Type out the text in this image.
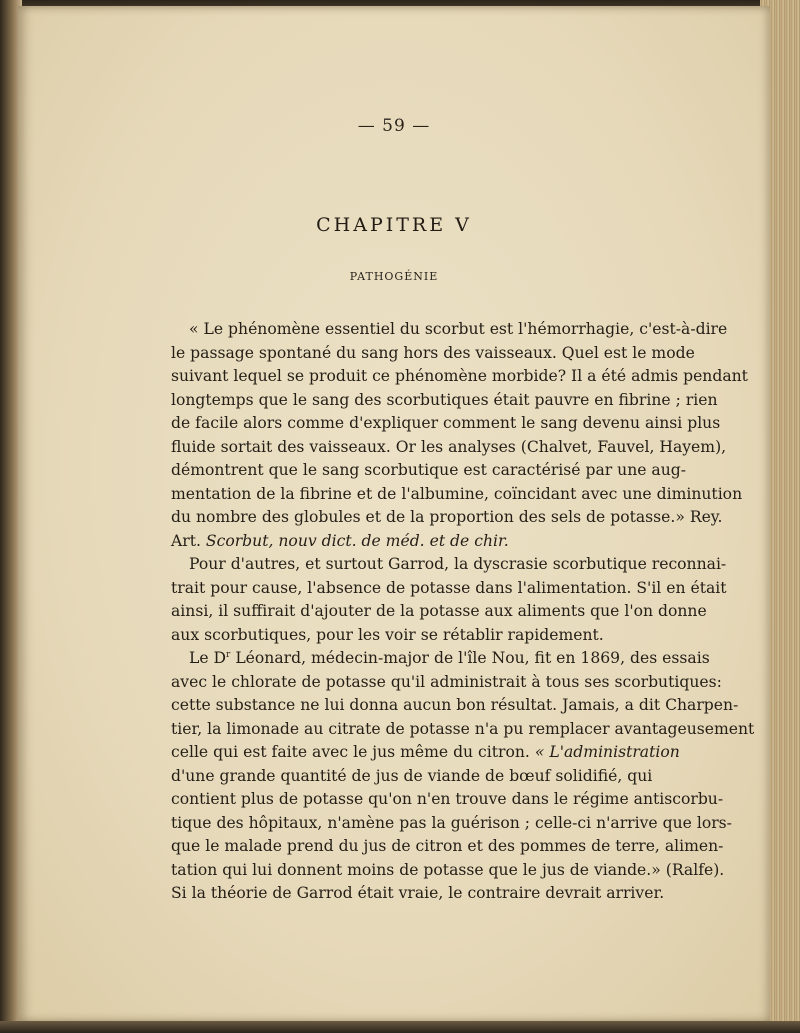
— 59 —
CHAPITRE V
PATHOGÉNIE
« Le phénomène essentiel du scorbut est l'hémorrhagie, c'est-à-dire
le passage spontané du sang hors des vaisseaux. Quel est le mode
suivant lequel se produit ce phénomène morbide? Il a été admis pendant
longtemps que le sang des scorbutiques était pauvre en fibrine ; rien
de facile alors comme d'expliquer comment le sang devenu ainsi plus
fluide sortait des vaisseaux. Or les analyses (Chalvet, Fauvel, Hayem),
démontrent que le sang scorbutique est caractérisé par une aug-
mentation de la fibrine et de l'albumine, coïncidant avec une diminution
du nombre des globules et de la proportion des sels de potasse.» Rey.
Art. Scorbut, nouv dict. de méd. et de chir.
Pour d'autres, et surtout Garrod, la dyscrasie scorbutique reconnai-
trait pour cause, l'absence de potasse dans l'alimentation. S'il en était
ainsi, il suffirait d'ajouter de la potasse aux aliments que l'on donne
aux scorbutiques, pour les voir se rétablir rapidement.
Le $D^r$ Léonard, médecin-major de l'île Nou, fit en 1869, des essais
avec le chlorate de potasse qu'il administrait à tous ses scorbutiques:
cette substance ne lui donna aucun bon résultat. Jamais, a dit Charpen-
tier, la limonade au citrate de potasse n'a pu remplacer avantageusement
celle qui est faite avec le jus même du citron. « L'administration
d'une grande quantité de jus de viande de bœuf solidifié, qui
contient plus de potasse qu'on n'en trouve dans le régime antiscorbu-
tique des hôpitaux, n'amène pas la guérison ; celle-ci n'arrive que lors-
que le malade prend du jus de citron et des pommes de terre, alimen-
tation qui lui donnent moins de potasse que le jus de viande.» (Ralfe).
Si la théorie de Garrod était vraie, le contraire devrait arriver.
